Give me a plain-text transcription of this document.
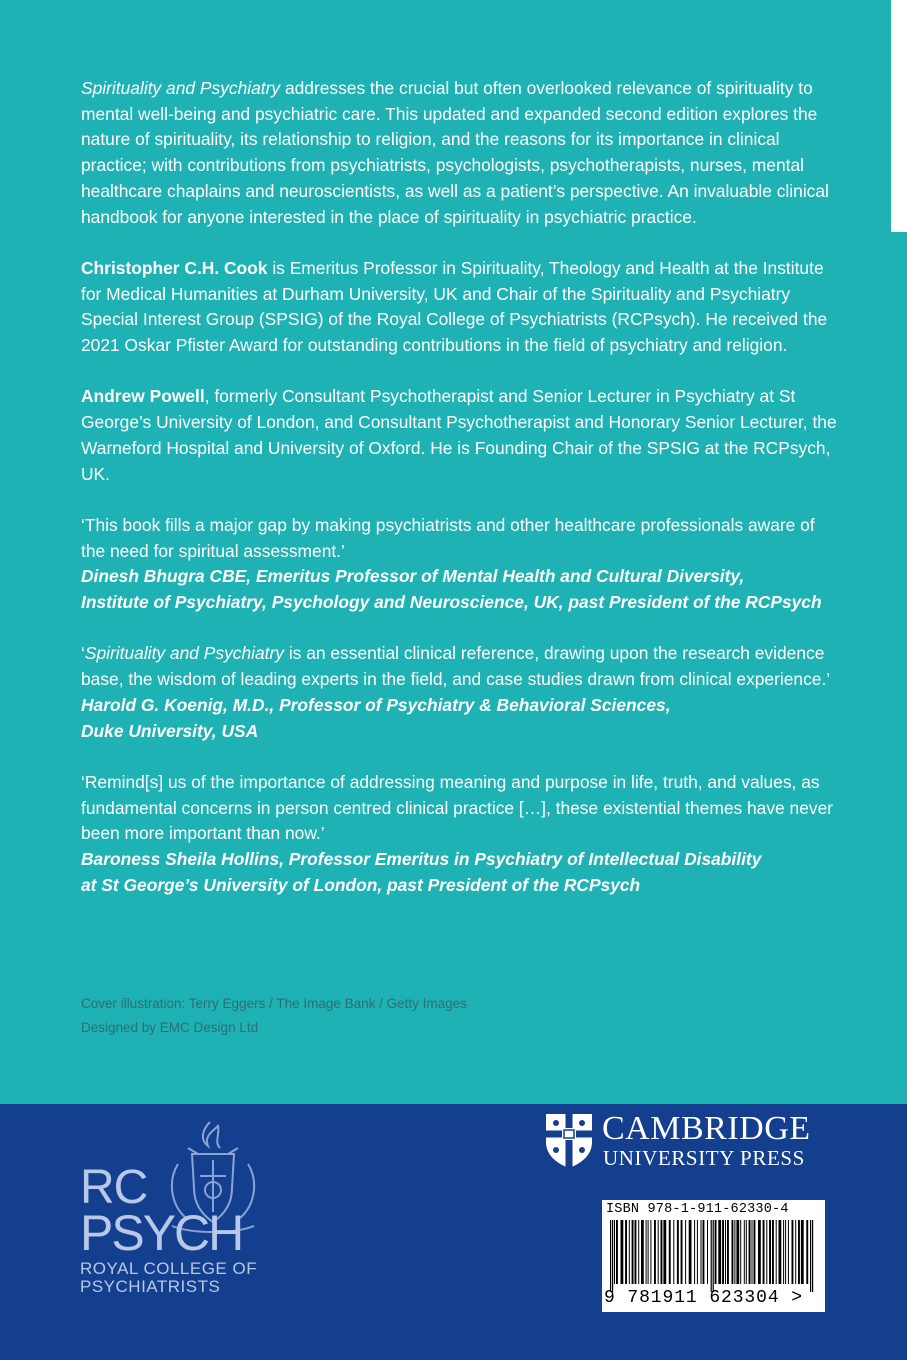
Spirituality and Psychiatry addresses the crucial but often overlooked relevance of spirituality to mental well-being and psychiatric care. This updated and expanded second edition explores the nature of spirituality, its relationship to religion, and the reasons for its importance in clinical practice; with contributions from psychiatrists, psychologists, psychotherapists, nurses, mental healthcare chaplains and neuroscientists, as well as a patient’s perspective. An invaluable clinical handbook for anyone interested in the place of spirituality in psychiatric practice.

Christopher C.H. Cook is Emeritus Professor in Spirituality, Theology and Health at the Institute for Medical Humanities at Durham University, UK and Chair of the Spirituality and Psychiatry Special Interest Group (SPSIG) of the Royal College of Psychiatrists (RCPsych). He received the 2021 Oskar Pfister Award for outstanding contributions in the field of psychiatry and religion.

Andrew Powell, formerly Consultant Psychotherapist and Senior Lecturer in Psychiatry at St George’s University of London, and Consultant Psychotherapist and Honorary Senior Lecturer, the Warneford Hospital and University of Oxford. He is Founding Chair of the SPSIG at the RCPsych, UK.

‘This book fills a major gap by making psychiatrists and other healthcare professionals aware of the need for spiritual assessment.’
Dinesh Bhugra CBE, Emeritus Professor of Mental Health and Cultural Diversity,
Institute of Psychiatry, Psychology and Neuroscience, UK, past President of the RCPsych

‘Spirituality and Psychiatry is an essential clinical reference, drawing upon the research evidence base, the wisdom of leading experts in the field, and case studies drawn from clinical experience.’
Harold G. Koenig, M.D., Professor of Psychiatry & Behavioral Sciences,
Duke University, USA

‘Remind[s] us of the importance of addressing meaning and purpose in life, truth, and values, as fundamental concerns in person centred clinical practice […], these existential themes have never been more important than now.’
Baroness Sheila Hollins, Professor Emeritus in Psychiatry of Intellectual Disability
at St George’s University of London, past President of the RCPsych

Cover illustration: Terry Eggers / The Image Bank / Getty Images
Designed by EMC Design Ltd
RC
PSYCH
ROYAL COLLEGE OF
PSYCHIATRISTS
CAMBRIDGE
UNIVERSITY PRESS
ISBN 978-1-911-62330-4
9 781911 623304 >
